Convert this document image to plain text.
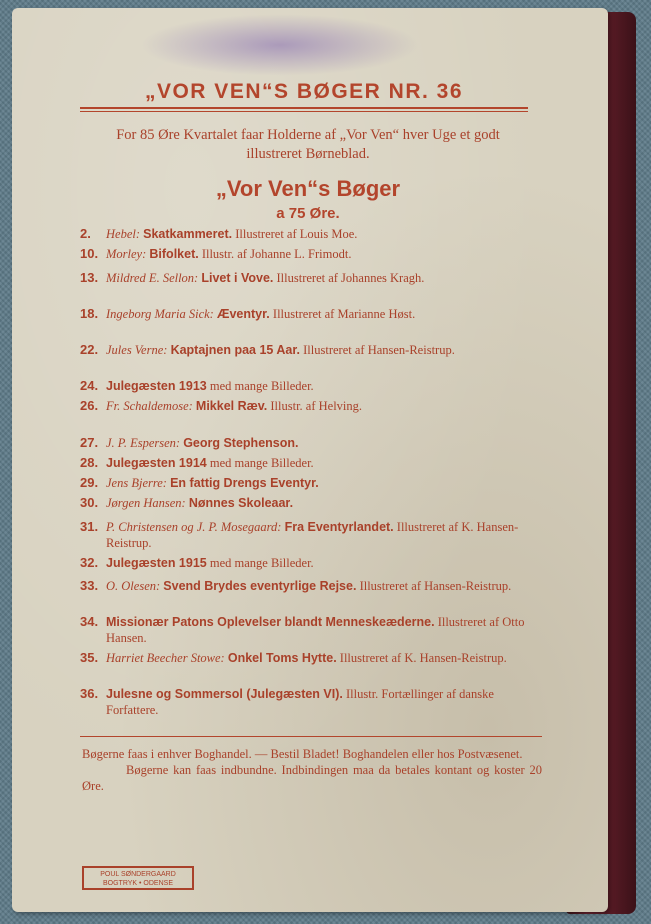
„VOR VEN“S BØGER NR. 36
For 85 Øre Kvartalet faar Holderne af „Vor Ven“ hver Uge et godt illustreret Børneblad.
„Vor Ven“s Bøger
a 75 Øre.
2.	Hebel: Skatkammeret. Illustreret af Louis Moe.
10. Morley: Bifolket. Illustr. af Johanne L. Frimodt.
13. Mildred E. Sellon: Livet i Vove. Illustreret af Johannes Kragh.
18. Ingeborg Maria Sick: Æventyr. Illustreret af Marianne Høst.
22. Jules Verne: Kaptajnen paa 15 Aar. Illustreret af Hansen-Reistrup.
24. Julegæsten 1913 med mange Billeder.
26. Fr. Schaldemose: Mikkel Ræv. Illustr. af Helving.
27. J. P. Espersen: Georg Stephenson.
28. Julegæsten 1914 med mange Billeder.
29. Jens Bjerre: En fattig Drengs Eventyr.
30. Jørgen Hansen: Nønnes Skoleaar.
31. P. Christensen og J. P. Mosegaard: Fra Eventyrlandet. Illustreret af K. Hansen-Reistrup.
32. Julegæsten 1915 med mange Billeder.
33. O. Olesen: Svend Brydes eventyrlige Rejse. Illustreret af Hansen-Reistrup.
34. Missionær Patons Oplevelser blandt Menneskeæderne. Illustreret af Otto Hansen.
35. Harriet Beecher Stowe: Onkel Toms Hytte. Illustreret af K. Hansen-Reistrup.
36. Julesne og Sommersol (Julegæsten VI). Illustr. Fortællinger af danske Forfattere.

Bøgerne faas i enhver Boghandel. — Bestil Bladet! Boghandelen eller hos Postvæsenet.

Bøgerne kan faas indbundne. Indbindingen maa da betales kontant og koster 20 Øre.

POUL SØNDERGAARD
BOGTRYK • ODENSE
